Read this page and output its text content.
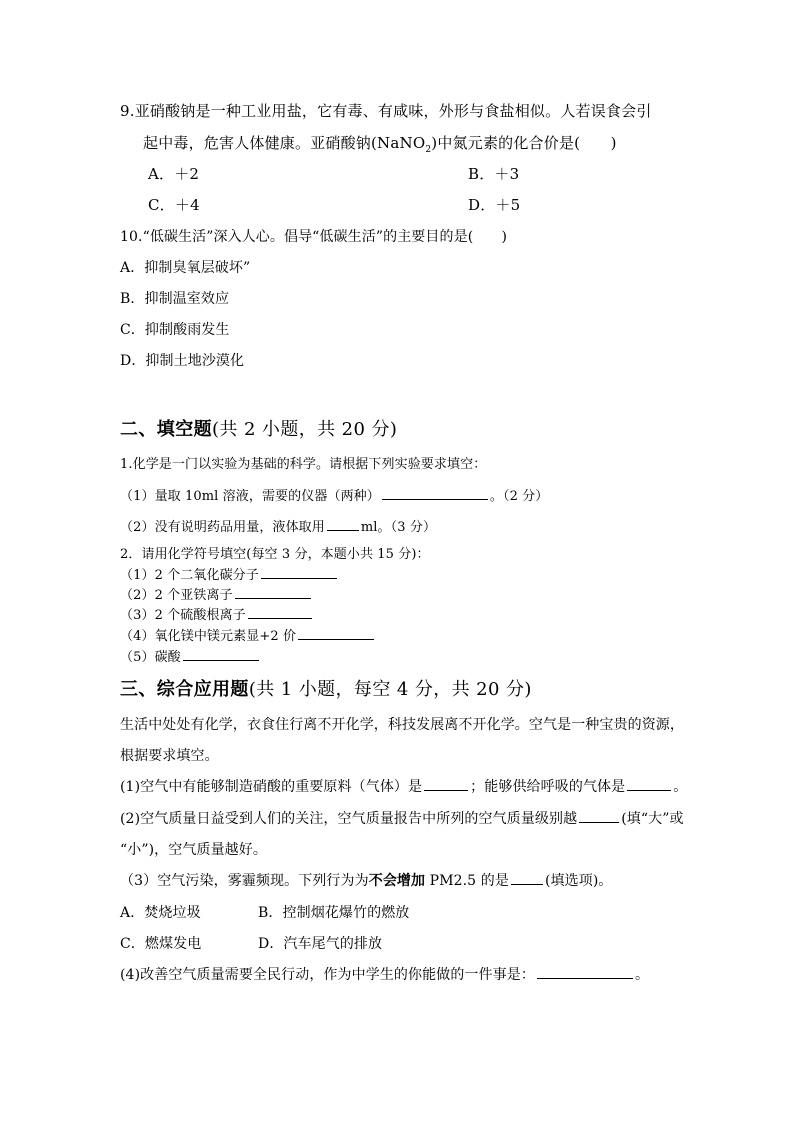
9.亚硝酸钠是一种工业用盐，它有毒、有咸味，外形与食盐相似。人若误食会引
起中毒，危害人体健康。亚硝酸钠(NaNO$_2$)中氮元素的化合价是(　　)
A．＋2	B．＋3
C．＋4	D．＋5
10.“低碳生活”深入人心。倡导“低碳生活”的主要目的是(　　)
A．抑制臭氧层破坏”
B．抑制温室效应
C．抑制酸雨发生
D．抑制土地沙漠化
二、填空题(共 2 小题，共 20 分)
1.化学是一门以实验为基础的科学。请根据下列实验要求填空：
（1）量取 10ml 溶液，需要的仪器（两种）	。（2 分）
（2）没有说明药品用量，液体取用	ml。（3 分）
2．请用化学符号填空(每空 3 分，本题小共 15 分)：
（1）2 个二氧化碳分子
（2）2 个亚铁离子
（3）2 个硫酸根离子
（4）氧化镁中镁元素显+2 价
（5）碳酸
三、综合应用题(共 1 小题，每空 4 分，共 20 分)
生活中处处有化学，衣食住行离不开化学，科技发展离不开化学。空气是一种宝贵的资源，
根据要求填空。
(1)空气中有能够制造硝酸的重要原料（气体）是	；能够供给呼吸的气体是	。
(2)空气质量日益受到人们的关注，空气质量报告中所列的空气质量级别越	(填“大”或
“小”)，空气质量越好。
（3）空气污染，雾霾频现。下列行为为不会增加 PM2.5 的是	(填选项)。
A．焚烧垃圾	B．控制烟花爆竹的燃放
C．燃煤发电	D．汽车尾气的排放
(4)改善空气质量需要全民行动，作为中学生的你能做的一件事是：	。
